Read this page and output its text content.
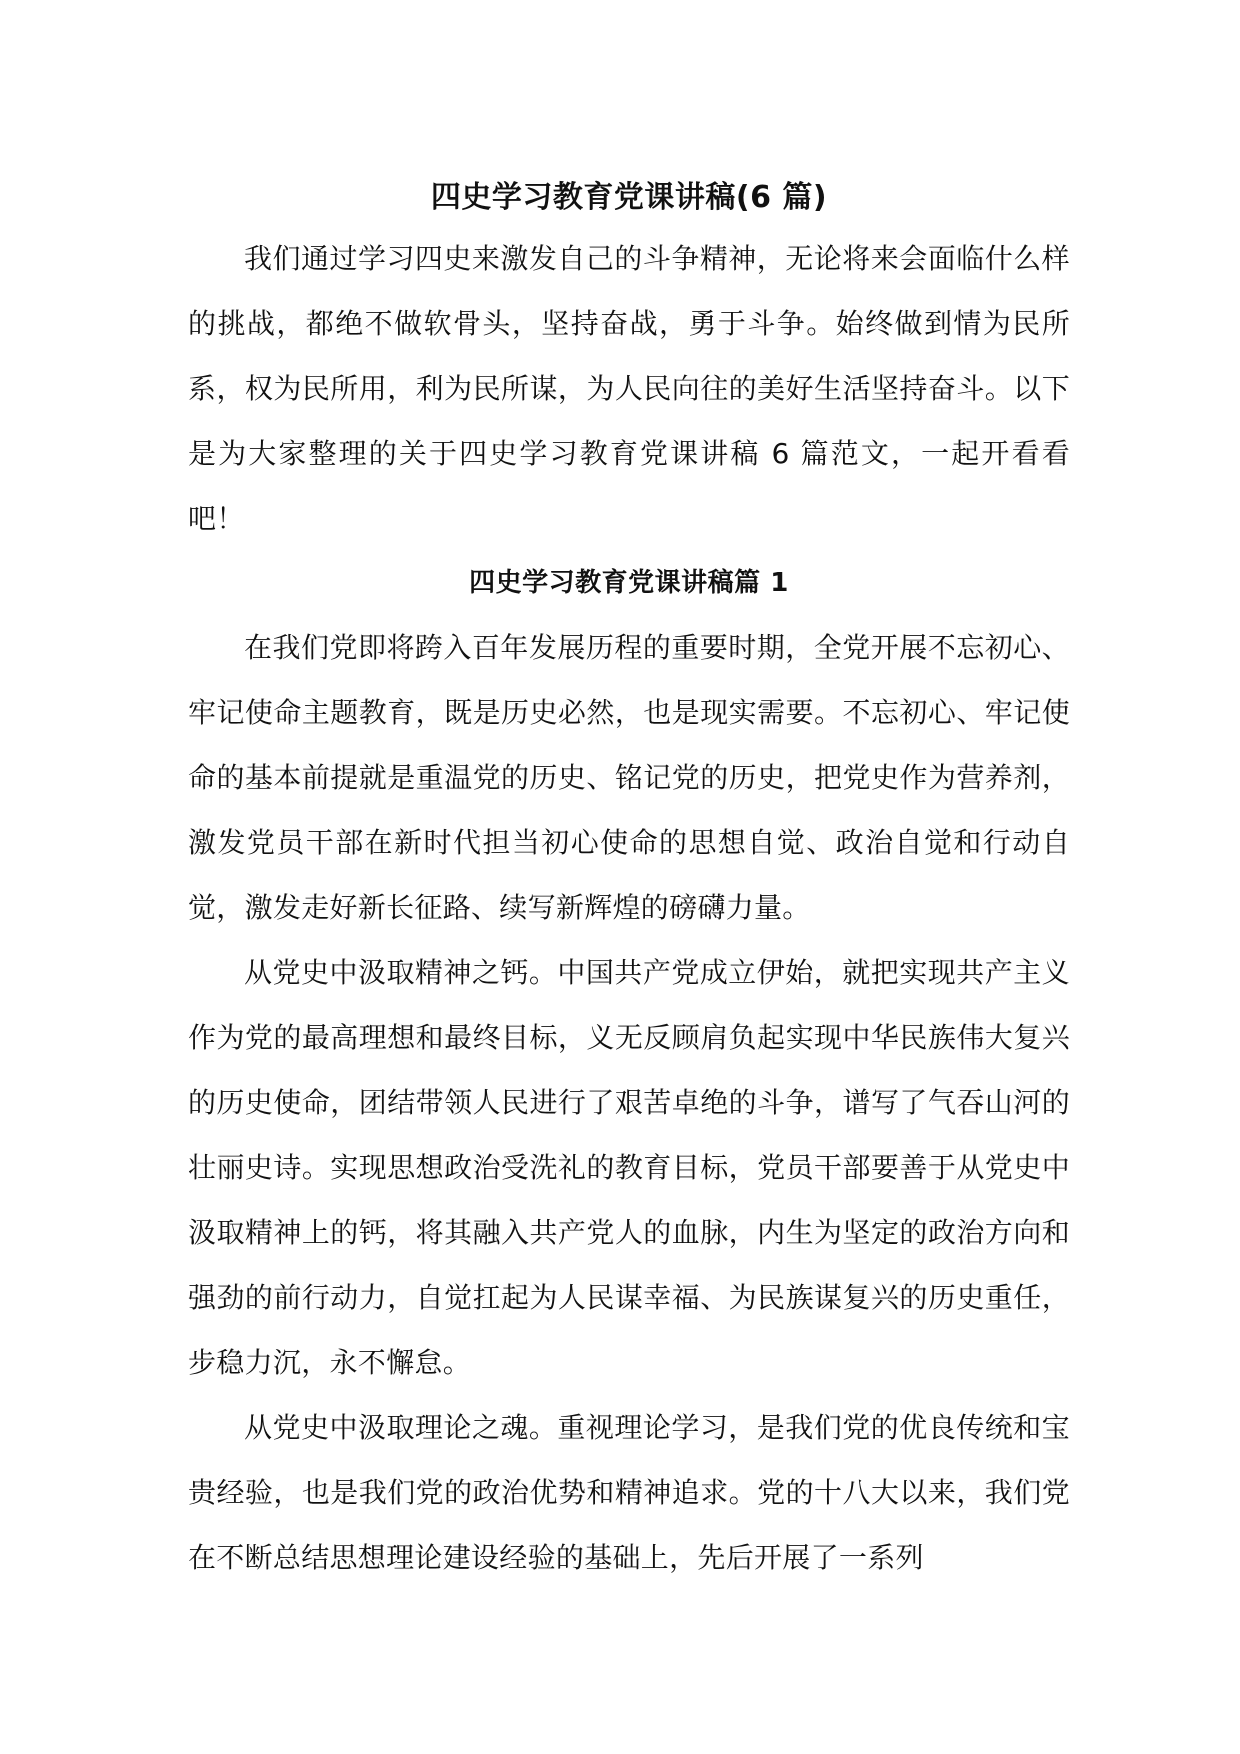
四史学习教育党课讲稿(6 篇)

我们通过学习四史来激发自己的斗争精神，无论将来会面临什么样的挑战，都绝不做软骨头，坚持奋战，勇于斗争。始终做到情为民所系，权为民所用，利为民所谋，为人民向往的美好生活坚持奋斗。以下是为大家整理的关于四史学习教育党课讲稿 6 篇范文，一起开看看吧！

四史学习教育党课讲稿篇 1

在我们党即将跨入百年发展历程的重要时期，全党开展不忘初心、牢记使命主题教育，既是历史必然，也是现实需要。不忘初心、牢记使命的基本前提就是重温党的历史、铭记党的历史，把党史作为营养剂，激发党员干部在新时代担当初心使命的思想自觉、政治自觉和行动自觉，激发走好新长征路、续写新辉煌的磅礴力量。

从党史中汲取精神之钙。中国共产党成立伊始，就把实现共产主义作为党的最高理想和最终目标，义无反顾肩负起实现中华民族伟大复兴的历史使命，团结带领人民进行了艰苦卓绝的斗争，谱写了气吞山河的壮丽史诗。实现思想政治受洗礼的教育目标，党员干部要善于从党史中汲取精神上的钙，将其融入共产党人的血脉，内生为坚定的政治方向和强劲的前行动力，自觉扛起为人民谋幸福、为民族谋复兴的历史重任，步稳力沉，永不懈怠。

从党史中汲取理论之魂。重视理论学习，是我们党的优良传统和宝贵经验，也是我们党的政治优势和精神追求。党的十八大以来，我们党在不断总结思想理论建设经验的基础上，先后开展了一系列
